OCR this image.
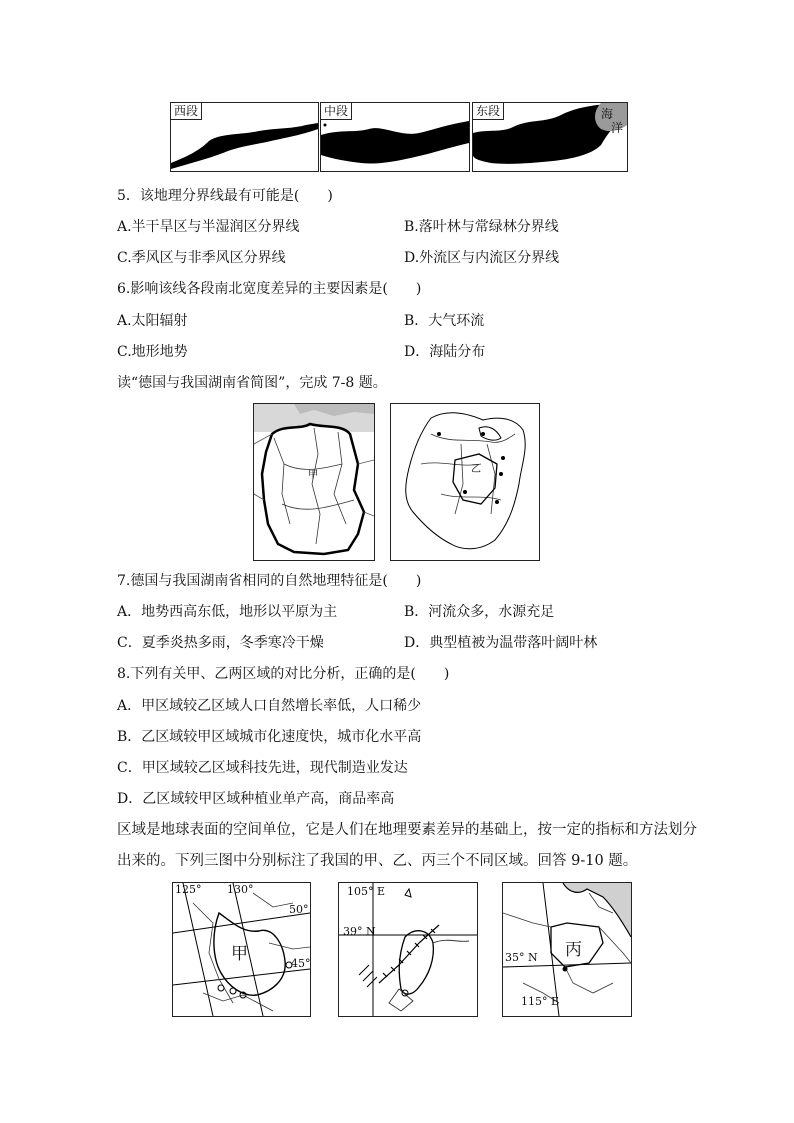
西段	中段	东段	海
洋
5．该地理分界线最有可能是(　　)
A.半干旱区与半湿润区分界线	B.落叶林与常绿林分界线
C.季风区与非季风区分界线	D.外流区与内流区分界线
6.影响该线各段南北宽度差异的主要因素是(　　)
A.太阳辐射	B．大气环流
C.地形地势	D．海陆分布
读“德国与我国湖南省简图”，完成 7-8 题。
甲
乙
7.德国与我国湖南省相同的自然地理特征是(　　)
A．地势西高东低，地形以平原为主	B．河流众多，水源充足
C．夏季炎热多雨，冬季寒冷干燥	D．典型植被为温带落叶阔叶林
8.下列有关甲、乙两区域的对比分析，正确的是(　　)
A．甲区域较乙区域人口自然增长率低，人口稀少
B．乙区域较甲区域城市化速度快，城市化水平高
C．甲区域较乙区域科技先进，现代制造业发达
D．乙区域较甲区域种植业单产高，商品率高
区域是地球表面的空间单位，它是人们在地理要素差异的基础上，按一定的指标和方法划分
出来的。下列三图中分别标注了我国的甲、乙、丙三个不同区域。回答 9-10 题。
125° 130°
50°
45°
甲
105° E
39° N
35° N
115° E
丙
